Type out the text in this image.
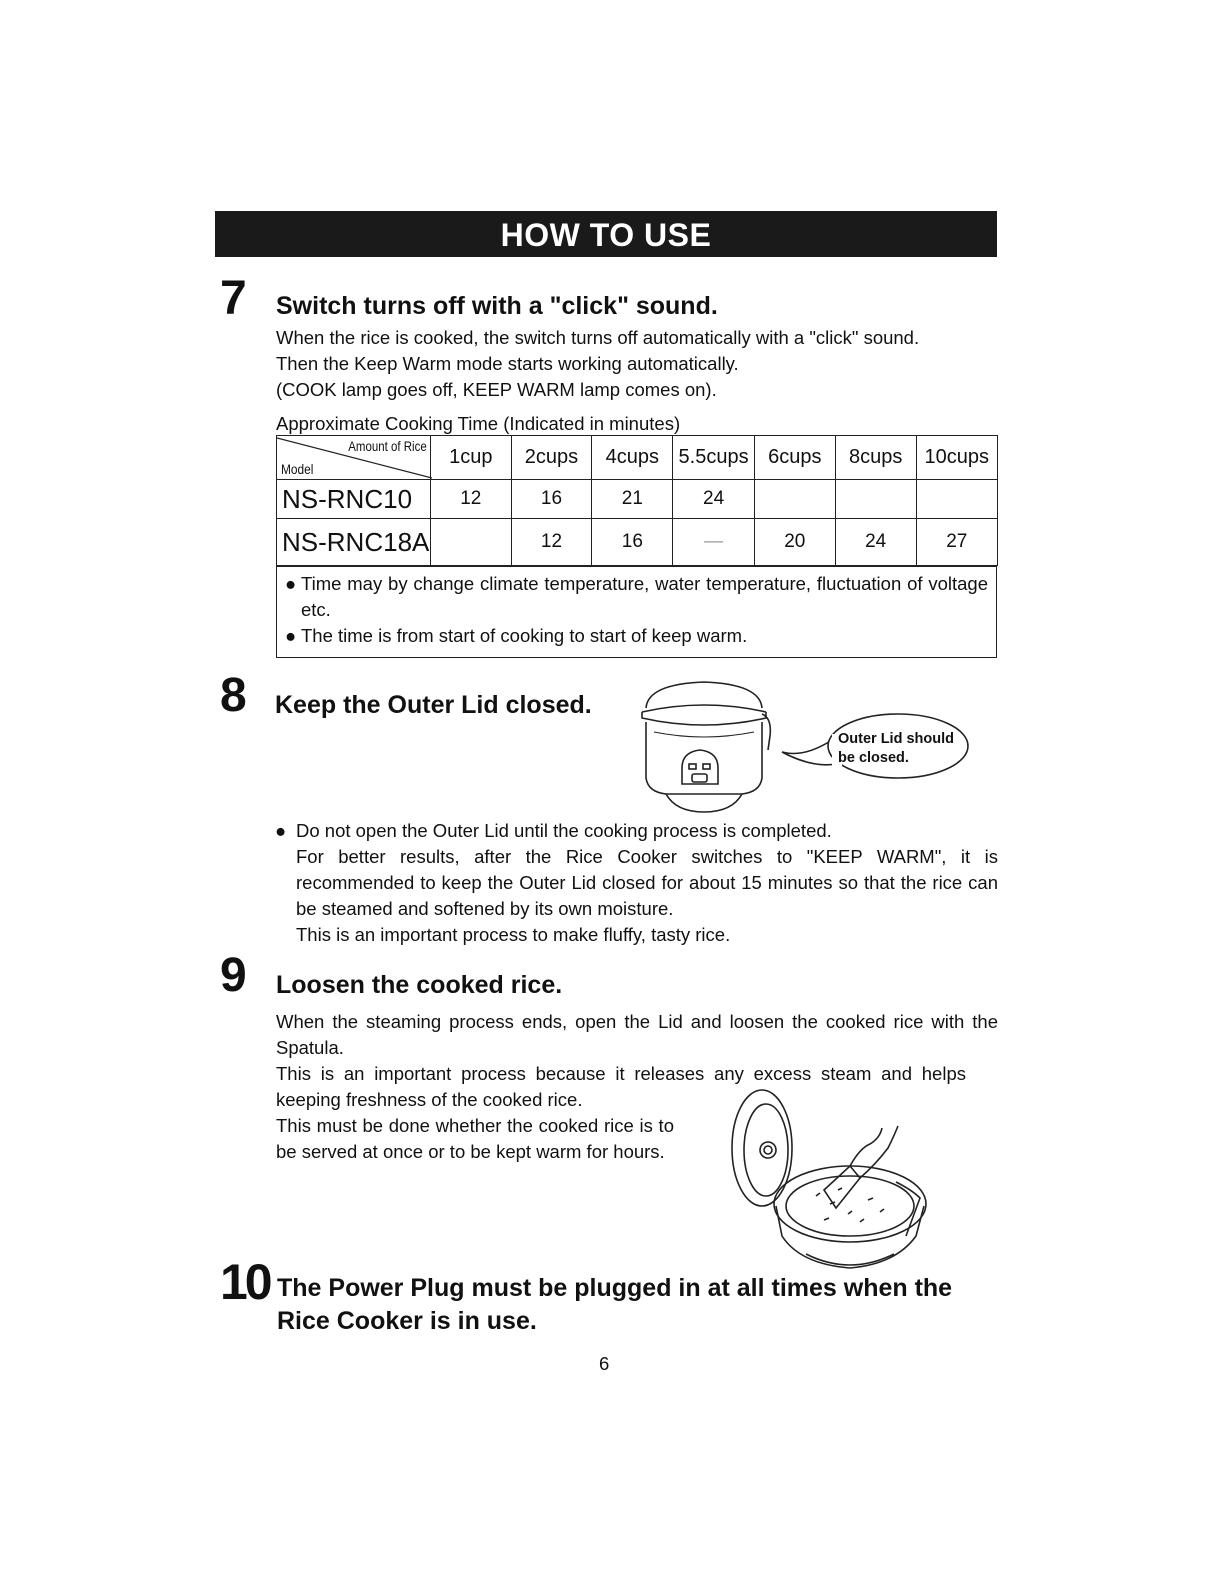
HOW TO USE
7 Switch turns off with a "click" sound.
When the rice is cooked, the switch turns off automatically with a "click" sound.
Then the Keep Warm mode starts working automatically.
(COOK lamp goes off, KEEP WARM lamp comes on).
Approximate Cooking Time (Indicated in minutes)
Amount of Rice
Model	1cup	2cups	4cups	5.5cups	6cups	8cups	10cups
NS-RNC10	12	16	21	24			
NS-RNC18A		12	16	—	20	24	27
● Time may by change climate temperature, water temperature, fluctuation of voltage etc.
● The time is from start of cooking to start of keep warm.
8 Keep the Outer Lid closed.
Outer Lid should
be closed.
● Do not open the Outer Lid until the cooking process is completed.
For better results, after the Rice Cooker switches to "KEEP WARM", it is recommended to keep the Outer Lid closed for about 15 minutes so that the rice can be steamed and softened by its own moisture.
This is an important process to make fluffy, tasty rice.
9 Loosen the cooked rice.
When the steaming process ends, open the Lid and loosen the cooked rice with the Spatula.
This is an important process because it releases any excess steam and helps keeping freshness of the cooked rice.
This must be done whether the cooked rice is to be served at once or to be kept warm for hours.
10 The Power Plug must be plugged in at all times when the
Rice Cooker is in use.
6
